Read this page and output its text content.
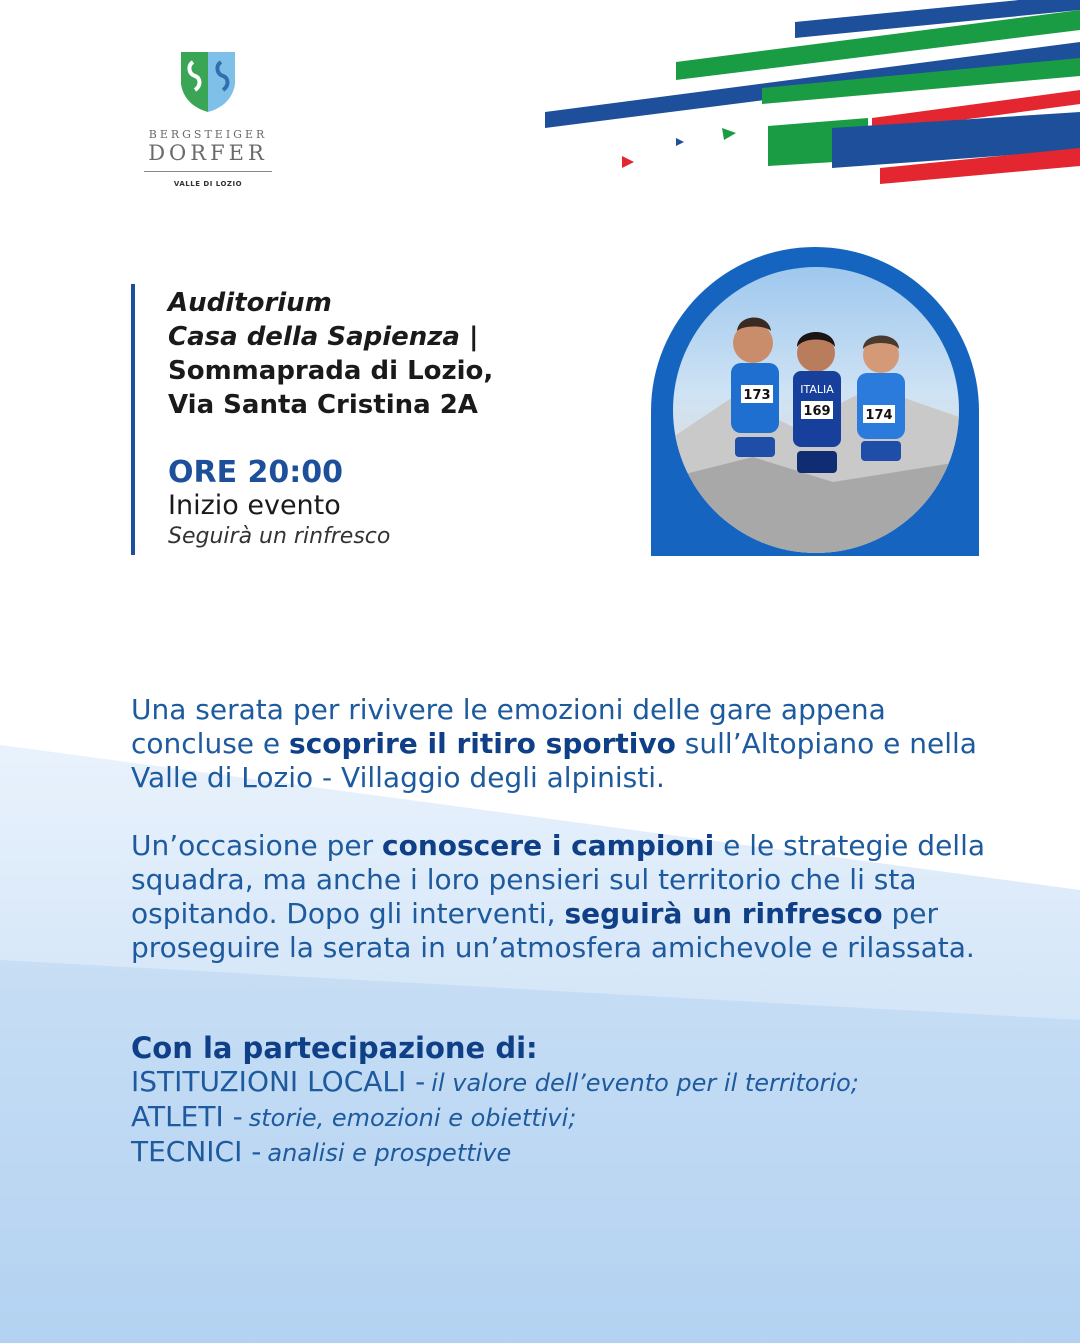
BERGSTEIGER
DORFER
VALLE DI LOZIO
Auditorium
Casa della Sapienza |
Sommaprada di Lozio,
Via Santa Cristina 2A
ORE 20:00
Inizio evento
Seguirà un rinfresco
173	ITALIA
169	174

Una serata per rivivere le emozioni delle gare appena concluse e scoprire il ritiro sportivo sull’Altopiano e nella Valle di Lozio - Villaggio degli alpinisti.

Un’occasione per conoscere i campioni e le strategie della squadra, ma anche i loro pensieri sul territorio che li sta ospitando. Dopo gli interventi, seguirà un rinfresco per proseguire la serata in un’atmosfera amichevole e rilassata.

Con la partecipazione di:
ISTITUZIONI LOCALI - il valore dell’evento per il territorio;
ATLETI - storie, emozioni e obiettivi;
TECNICI - analisi e prospettive
